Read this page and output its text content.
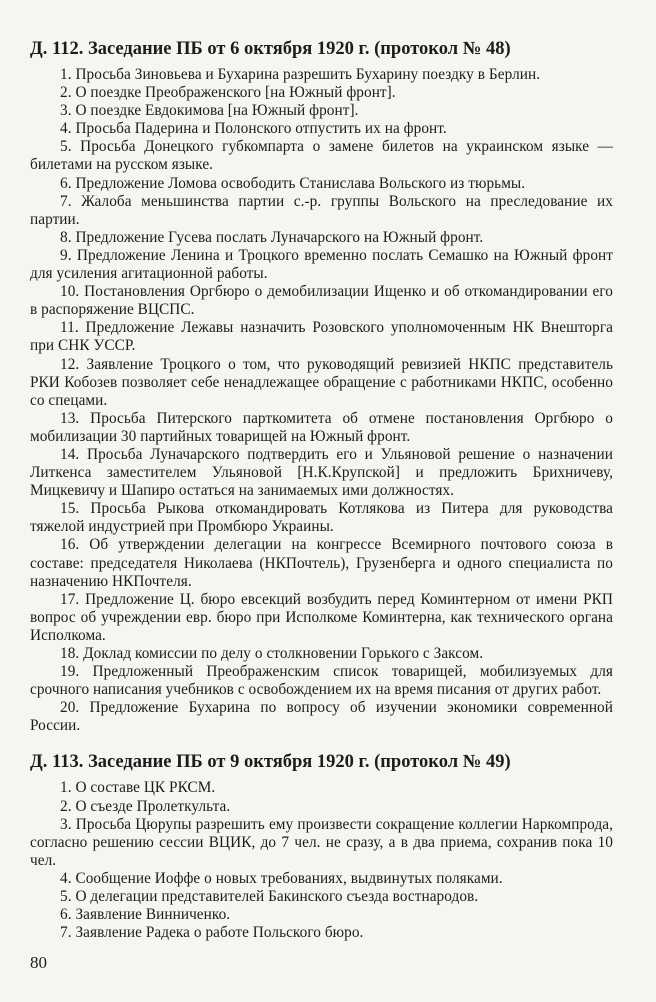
Д. 112. Заседание ПБ от 6 октября 1920 г. (протокол № 48)

1. Просьба Зиновьева и Бухарина разрешить Бухарину поездку в Берлин.

2. О поездке Преображенского [на Южный фронт].

3. О поездке Евдокимова [на Южный фронт].

4. Просьба Падерина и Полонского отпустить их на фронт.

5. Просьба Донецкого губкомпарта о замене билетов на украинском языке — билетами на русском языке.

6. Предложение Ломова освободить Станислава Вольского из тюрьмы.

7. Жалоба меньшинства партии с.-р. группы Вольского на преследование их партии.

8. Предложение Гусева послать Луначарского на Южный фронт.

9. Предложение Ленина и Троцкого временно послать Семашко на Южный фронт для усиления агитационной работы.

10. Постановления Оргбюро о демобилизации Ищенко и об откомандировании его в распоряжение ВЦСПС.

11. Предложение Лежавы назначить Розовского уполномоченным НК Внешторга при СНК УССР.

12. Заявление Троцкого о том, что руководящий ревизией НКПС представитель РКИ Кобозев позволяет себе ненадлежащее обращение с работниками НКПС, особенно со спецами.

13. Просьба Питерского парткомитета об отмене постановления Оргбюро о мобилизации 30 партийных товарищей на Южный фронт.

14. Просьба Луначарского подтвердить его и Ульяновой решение о назначении Литкенса заместителем Ульяновой [Н.К.Крупской] и предложить Брихничеву, Мицкевичу и Шапиро остаться на занимаемых ими должностях.

15. Просьба Рыкова откомандировать Котлякова из Питера для руководства тяжелой индустрией при Промбюро Украины.

16. Об утверждении делегации на конгрессе Всемирного почтового союза в составе: председателя Николаева (НКПочтель), Грузенберга и одного специалиста по назначению НКПочтеля.

17. Предложение Ц. бюро евсекций возбудить перед Коминтерном от имени РКП вопрос об учреждении евр. бюро при Исполкоме Коминтерна, как технического органа Исполкома.

18. Доклад комиссии по делу о столкновении Горького с Заксом.

19. Предложенный Преображенским список товарищей, мобилизуемых для срочного написания учебников с освобождением их на время писания от других работ.

20. Предложение Бухарина по вопросу об изучении экономики современной России.

Д. 113. Заседание ПБ от 9 октября 1920 г. (протокол № 49)

1. О составе ЦК РКСМ.

2. О съезде Пролеткульта.

3. Просьба Цюрупы разрешить ему произвести сокращение коллегии Наркомпрода, согласно решению сессии ВЦИК, до 7 чел. не сразу, а в два приема, сохранив пока 10 чел.

4. Сообщение Иоффе о новых требованиях, выдвинутых поляками.

5. О делегации представителей Бакинского съезда востнародов.

6. Заявление Винниченко.

7. Заявление Радека о работе Польского бюро.

80
